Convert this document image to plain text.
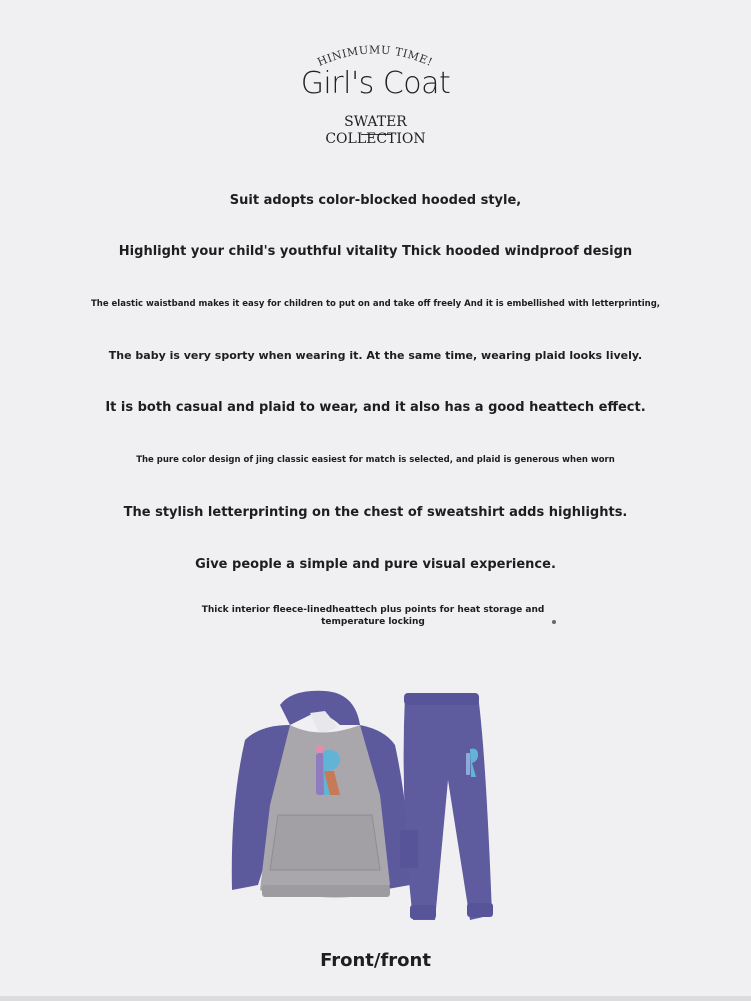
HINIMUMU TIME!
Girl's Coat
SWATER
COLLECTION
Suit adopts color-blocked hooded style,
Highlight your child's youthful vitality Thick hooded windproof design
The elastic waistband makes it easy for children to put on and take off freely And it is embellished with letterprinting,
The baby is very sporty when wearing it. At the same time, wearing plaid looks lively.
It is both casual and plaid to wear, and it also has a good heattech effect.
The pure color design of jing classic easiest for match is selected, and plaid is generous when worn
The stylish letterprinting on the chest of sweatshirt adds highlights.
Give people a simple and pure visual experience.
Thick interior fleece-linedheattech plus points for heat storage and temperature locking
Front/front
